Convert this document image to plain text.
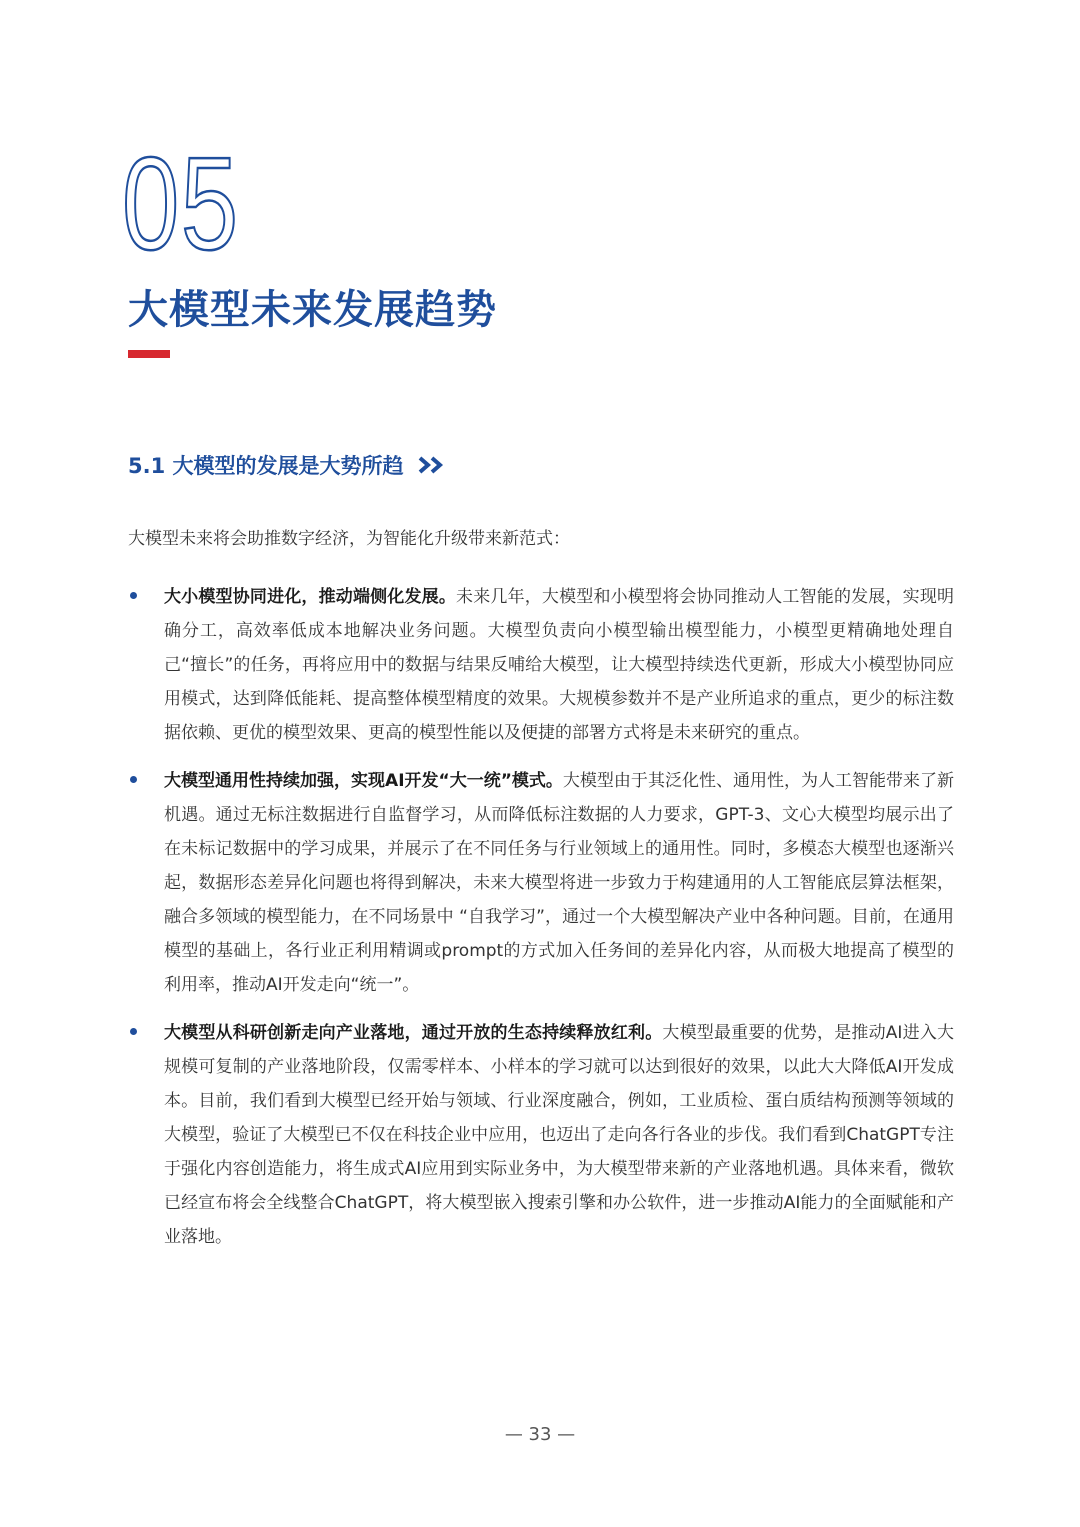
05
大模型未来发展趋势
5.1 大模型的发展是大势所趋
大模型未来将会助推数字经济，为智能化升级带来新范式：
大小模型协同进化，推动端侧化发展。未来几年，大模型和小模型将会协同推动人工智能的发展，实现明确分工，高效率低成本地解决业务问题。大模型负责向小模型输出模型能力，小模型更精确地处理自己“擅长”的任务，再将应用中的数据与结果反哺给大模型，让大模型持续迭代更新，形成大小模型协同应用模式，达到降低能耗、提高整体模型精度的效果。大规模参数并不是产业所追求的重点，更少的标注数据依赖、更优的模型效果、更高的模型性能以及便捷的部署方式将是未来研究的重点。
大模型通用性持续加强，实现AI开发“大一统”模式。大模型由于其泛化性、通用性，为人工智能带来了新机遇。通过无标注数据进行自监督学习，从而降低标注数据的人力要求，GPT-3、文心大模型均展示出了在未标记数据中的学习成果，并展示了在不同任务与行业领域上的通用性。同时，多模态大模型也逐渐兴起，数据形态差异化问题也将得到解决，未来大模型将进一步致力于构建通用的人工智能底层算法框架，融合多领域的模型能力，在不同场景中 “自我学习”，通过一个大模型解决产业中各种问题。目前，在通用模型的基础上，各行业正利用精调或prompt的方式加入任务间的差异化内容，从而极大地提高了模型的利用率，推动AI开发走向“统一”。
大模型从科研创新走向产业落地，通过开放的生态持续释放红利。大模型最重要的优势，是推动AI进入大规模可复制的产业落地阶段，仅需零样本、小样本的学习就可以达到很好的效果，以此大大降低AI开发成本。目前，我们看到大模型已经开始与领域、行业深度融合，例如，工业质检、蛋白质结构预测等领域的大模型，验证了大模型已不仅在科技企业中应用，也迈出了走向各行各业的步伐。我们看到ChatGPT专注于强化内容创造能力，将生成式AI应用到实际业务中，为大模型带来新的产业落地机遇。具体来看，微软已经宣布将会全线整合ChatGPT，将大模型嵌入搜索引擎和办公软件，进一步推动AI能力的全面赋能和产业落地。
— 33 —
